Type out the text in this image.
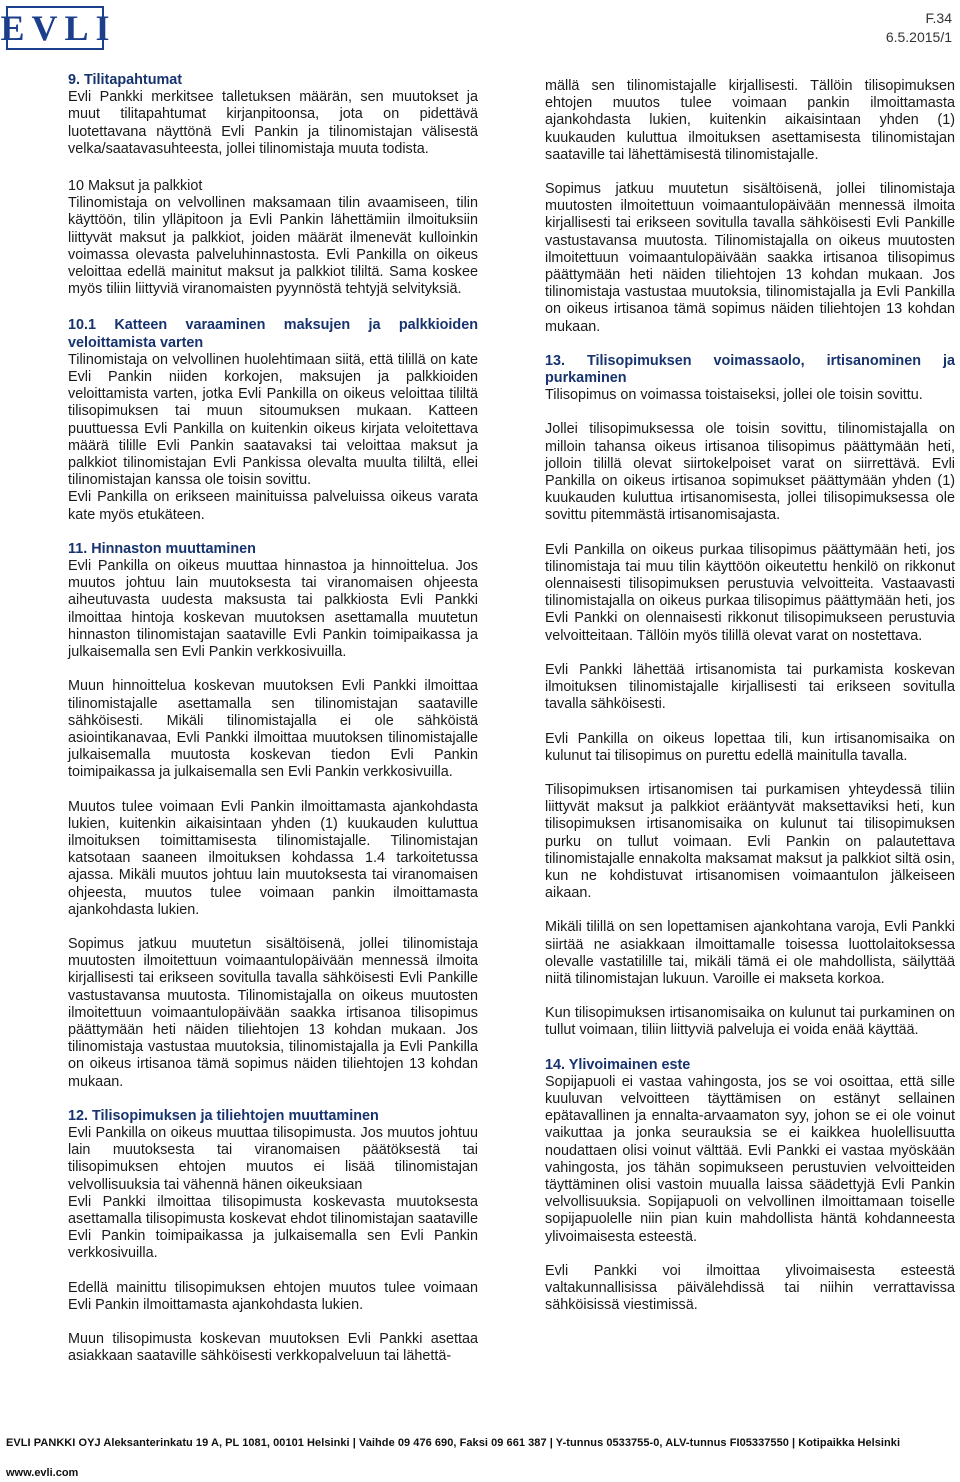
EVLI	F.34
6.5.2015/1

9. Tilitapahtumat

Evli Pankki merkitsee talletuksen määrän, sen muutokset ja muut tilitapahtumat kirjanpitoonsa, jota on pidettävä luotettavana näyttönä Evli Pankin ja tilinomistajan välisestä velka/saatavasuhteesta, jollei tilinomistaja muuta todista.

10 Maksut ja palkkiot

Tilinomistaja on velvollinen maksamaan tilin avaamiseen, tilin käyttöön, tilin ylläpitoon ja Evli Pankin lähettämiin ilmoituksiin liittyvät maksut ja palkkiot, joiden määrät ilmenevät kulloinkin voimassa olevasta palveluhinnastosta. Evli Pankilla on oikeus veloittaa edellä mainitut maksut ja palkkiot tililtä. Sama koskee myös tiliin liittyviä viranomaisten pyynnöstä tehtyjä selvityksiä.

10.1 Katteen varaaminen maksujen ja palkkioiden veloittamista varten

Tilinomistaja on velvollinen huolehtimaan siitä, että tilillä on kate Evli Pankin niiden korkojen, maksujen ja palkkioiden veloittamista varten, jotka Evli Pankilla on oikeus veloittaa tililtä tilisopimuksen tai muun sitoumuksen mukaan. Katteen puuttuessa Evli Pankilla on kuitenkin oikeus kirjata veloitettava määrä tilille Evli Pankin saatavaksi tai veloittaa maksut ja palkkiot tilinomistajan Evli Pankissa olevalta muulta tililtä, ellei tilinomistajan kanssa ole toisin sovittu.

Evli Pankilla on erikseen mainituissa palveluissa oikeus varata kate myös etukäteen.

11. Hinnaston muuttaminen

Evli Pankilla on oikeus muuttaa hinnastoa ja hinnoittelua. Jos muutos johtuu lain muutoksesta tai viranomaisen ohjeesta aiheutuvasta uudesta maksusta tai palkkiosta Evli Pankki ilmoittaa hintoja koskevan muutoksen asettamalla muutetun hinnaston tilinomistajan saataville Evli Pankin toimipaikassa ja julkaisemalla sen Evli Pankin verkkosivuilla.

Muun hinnoittelua koskevan muutoksen Evli Pankki ilmoittaa tilinomistajalle asettamalla sen tilinomistajan saataville sähköisesti. Mikäli tilinomistajalla ei ole sähköistä asiointikanavaa, Evli Pankki ilmoittaa muutoksen tilinomistajalle julkaisemalla muutosta koskevan tiedon Evli Pankin toimipaikassa ja julkaisemalla sen Evli Pankin verkkosivuilla.

Muutos tulee voimaan Evli Pankin ilmoittamasta ajankohdasta lukien, kuitenkin aikaisintaan yhden (1) kuukauden kuluttua ilmoituksen toimittamisesta tilinomistajalle. Tilinomistajan katsotaan saaneen ilmoituksen kohdassa 1.4 tarkoitetussa ajassa. Mikäli muutos johtuu lain muutoksesta tai viranomaisen ohjeesta, muutos tulee voimaan pankin ilmoittamasta ajankohdasta lukien.

Sopimus jatkuu muutetun sisältöisenä, jollei tilinomistaja muutosten ilmoitettuun voimaantulopäivään mennessä ilmoita kirjallisesti tai erikseen sovitulla tavalla sähköisesti Evli Pankille vastustavansa muutosta. Tilinomistajalla on oikeus muutosten ilmoitettuun voimaantulopäivään saakka irtisanoa tilisopimus päättymään heti näiden tiliehtojen 13 kohdan mukaan. Jos tilinomistaja vastustaa muutoksia, tilinomistajalla ja Evli Pankilla on oikeus irtisanoa tämä sopimus näiden tiliehtojen 13 kohdan mukaan.

12. Tilisopimuksen ja tiliehtojen muuttaminen

Evli Pankilla on oikeus muuttaa tilisopimusta. Jos muutos johtuu lain muutoksesta tai viranomaisen päätöksestä tai tilisopimuksen ehtojen muutos ei lisää tilinomistajan velvollisuuksia tai vähennä hänen oikeuksiaan

Evli Pankki ilmoittaa tilisopimusta koskevasta muutoksesta asettamalla tilisopimusta koskevat ehdot tilinomistajan saataville Evli Pankin toimipaikassa ja julkaisemalla sen Evli Pankin verkkosivuilla.

Edellä mainittu tilisopimuksen ehtojen muutos tulee voimaan Evli Pankin ilmoittamasta ajankohdasta lukien.

Muun tilisopimusta koskevan muutoksen Evli Pankki asettaa asiakkaan saataville sähköisesti verkkopalveluun tai lähettä-

mällä sen tilinomistajalle kirjallisesti. Tällöin tilisopimuksen ehtojen muutos tulee voimaan pankin ilmoittamasta ajankohdasta lukien, kuitenkin aikaisintaan yhden (1) kuukauden kuluttua ilmoituksen asettamisesta tilinomistajan saataville tai lähettämisestä tilinomistajalle.

Sopimus jatkuu muutetun sisältöisenä, jollei tilinomistaja muutosten ilmoitettuun voimaantulopäivään mennessä ilmoita kirjallisesti tai erikseen sovitulla tavalla sähköisesti Evli Pankille vastustavansa muutosta. Tilinomistajalla on oikeus muutosten ilmoitettuun voimaantulopäivään saakka irtisanoa tilisopimus päättymään heti näiden tiliehtojen 13 kohdan mukaan. Jos tilinomistaja vastustaa muutoksia, tilinomistajalla ja Evli Pankilla on oikeus irtisanoa tämä sopimus näiden tiliehtojen 13 kohdan mukaan.

13. Tilisopimuksen voimassaolo, irtisanominen ja purkaminen

Tilisopimus on voimassa toistaiseksi, jollei ole toisin sovittu.

Jollei tilisopimuksessa ole toisin sovittu, tilinomistajalla on milloin tahansa oikeus irtisanoa tilisopimus päättymään heti, jolloin tilillä olevat siirtokelpoiset varat on siirrettävä. Evli Pankilla on oikeus irtisanoa sopimukset päättymään yhden (1) kuukauden kuluttua irtisanomisesta, jollei tilisopimuksessa ole sovittu pitemmästä irtisanomisajasta.

Evli Pankilla on oikeus purkaa tilisopimus päättymään heti, jos tilinomistaja tai muu tilin käyttöön oikeutettu henkilö on rikkonut olennaisesti tilisopimuksen perustuvia velvoitteita. Vastaavasti tilinomistajalla on oikeus purkaa tilisopimus päättymään heti, jos Evli Pankki on olennaisesti rikkonut tilisopimukseen perustuvia velvoitteitaan. Tällöin myös tilillä olevat varat on nostettava.

Evli Pankki lähettää irtisanomista tai purkamista koskevan ilmoituksen tilinomistajalle kirjallisesti tai erikseen sovitulla tavalla sähköisesti.

Evli Pankilla on oikeus lopettaa tili, kun irtisanomisaika on kulunut tai tilisopimus on purettu edellä mainitulla tavalla.

Tilisopimuksen irtisanomisen tai purkamisen yhteydessä tiliin liittyvät maksut ja palkkiot erääntyvät maksettaviksi heti, kun tilisopimuksen irtisanomisaika on kulunut tai tilisopimuksen purku on tullut voimaan. Evli Pankin on palautettava tilinomistajalle ennakolta maksamat maksut ja palkkiot siltä osin, kun ne kohdistuvat irtisanomisen voimaantulon jälkeiseen aikaan.

Mikäli tilillä on sen lopettamisen ajankohtana varoja, Evli Pankki siirtää ne asiakkaan ilmoittamalle toisessa luottolaitoksessa olevalle vastatilille tai, mikäli tämä ei ole mahdollista, säilyttää niitä tilinomistajan lukuun. Varoille ei makseta korkoa.

Kun tilisopimuksen irtisanomisaika on kulunut tai purkaminen on tullut voimaan, tiliin liittyviä palveluja ei voida enää käyttää.

14. Ylivoimainen este

Sopijapuoli ei vastaa vahingosta, jos se voi osoittaa, että sille kuuluvan velvoitteen täyttämisen on estänyt sellainen epätavallinen ja ennalta-arvaamaton syy, johon se ei ole voinut vaikuttaa ja jonka seurauksia se ei kaikkea huolellisuutta noudattaen olisi voinut välttää. Evli Pankki ei vastaa myöskään vahingosta, jos tähän sopimukseen perustuvien velvoitteiden täyttäminen olisi vastoin muualla laissa säädettyjä Evli Pankin velvollisuuksia. Sopijapuoli on velvollinen ilmoittamaan toiselle sopijapuolelle niin pian kuin mahdollista häntä kohdanneesta ylivoimaisesta esteestä.

Evli Pankki voi ilmoittaa ylivoimaisesta esteestä valtakunnallisissa päivälehdissä tai niihin verrattavissa sähköisissä viestimissä.

EVLI PANKKI OYJ Aleksanterinkatu 19 A, PL 1081, 00101 Helsinki | Vaihde 09 476 690, Faksi 09 661 387 | Y-tunnus 0533755-0, ALV-tunnus FI05337550 | Kotipaikka Helsinki
www.evli.com
